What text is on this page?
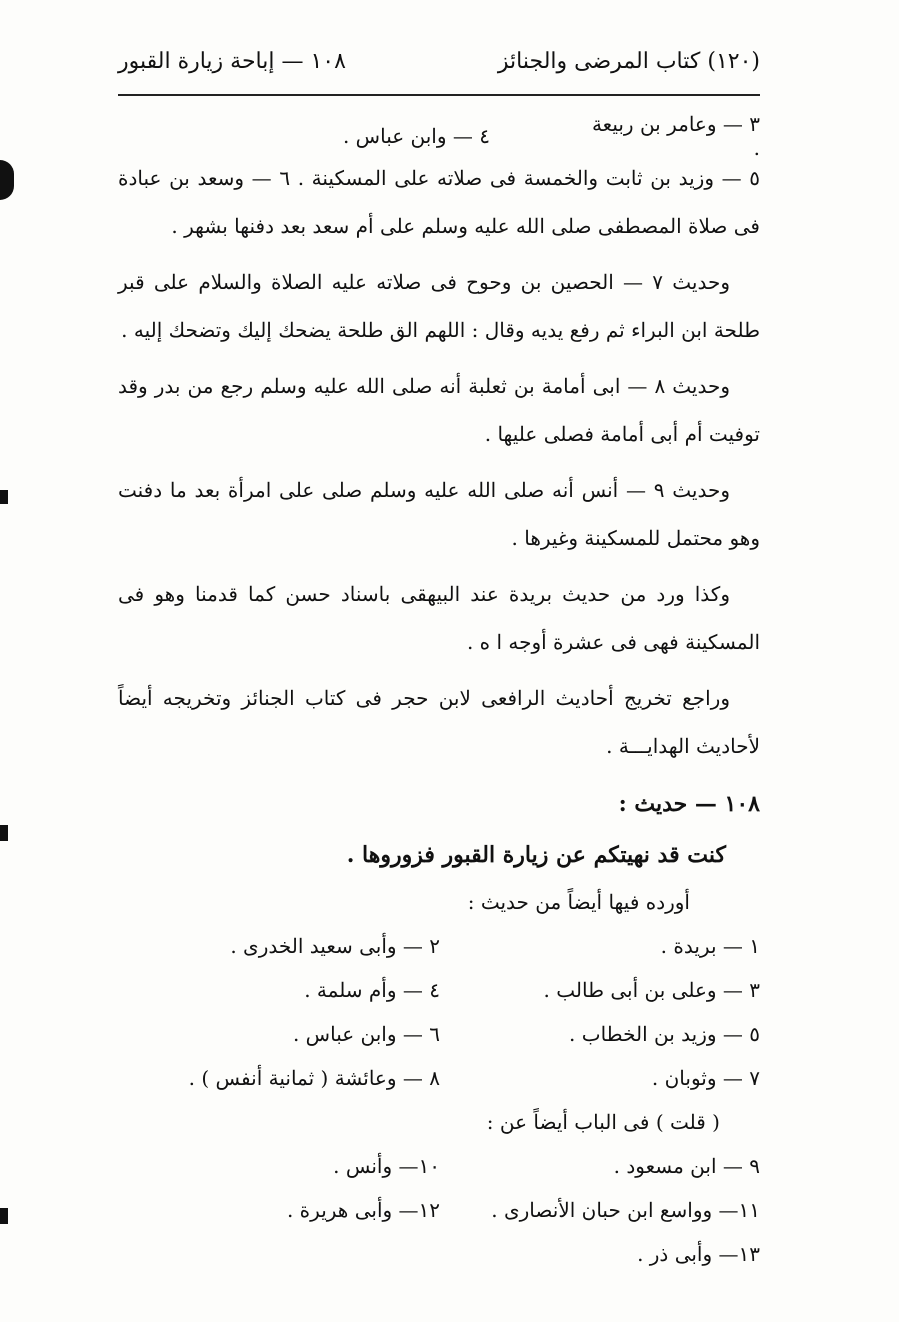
(١٢٠) كتاب المرضى والجنائز
١٠٨ — إباحة زيارة القبور
٣ — وعامر بن ربيعة .
٤ — وابن عباس .

٥ — وزيد بن ثابت والخمسة فى صلاته على المسكينة . ٦ — وسعد بن عبادة فى صلاة المصطفى صلى الله عليه وسلم على أم سعد بعد دفنها بشهر .

وحديث ٧ — الحصين بن وحوح فى صلاته عليه الصلاة والسلام على قبر طلحة ابن البراء ثم رفع يديه وقال : اللهم الق طلحة يضحك إليك وتضحك إليه .

وحديث ٨ — ابى أمامة بن ثعلبة أنه صلى الله عليه وسلم رجع من بدر وقد توفيت أم أبى أمامة فصلى عليها .

وحديث ٩ — أنس أنه صلى الله عليه وسلم صلى على امرأة بعد ما دفنت وهو محتمل للمسكينة وغيرها .

وكذا ورد من حديث بريدة عند البيهقى باسناد حسن كما قدمنا وهو فى المسكينة فهى فى عشرة أوجه ا ه .

وراجع تخريج أحاديث الرافعى لابن حجر فى كتاب الجنائز وتخريجه أيضاً لأحاديث الهدايـــة .

١٠٨ — حديث :
كنت قد نهيتكم عن زيارة القبور فزوروها .
أورده فيها أيضاً من حديث :
١ — بريدة .
٢ — وأبى سعيد الخدرى .
٣ — وعلى بن أبى طالب .
٤ — وأم سلمة .
٥ — وزيد بن الخطاب .
٦ — وابن عباس .
٧ — وثوبان .
٨ — وعائشة ( ثمانية أنفس ) .
( قلت ) فى الباب أيضاً عن :
٩ — ابن مسعود .
١٠— وأنس .
١١— وواسع ابن حبان الأنصارى .
١٢— وأبى هريرة .
١٣— وأبى ذر .
